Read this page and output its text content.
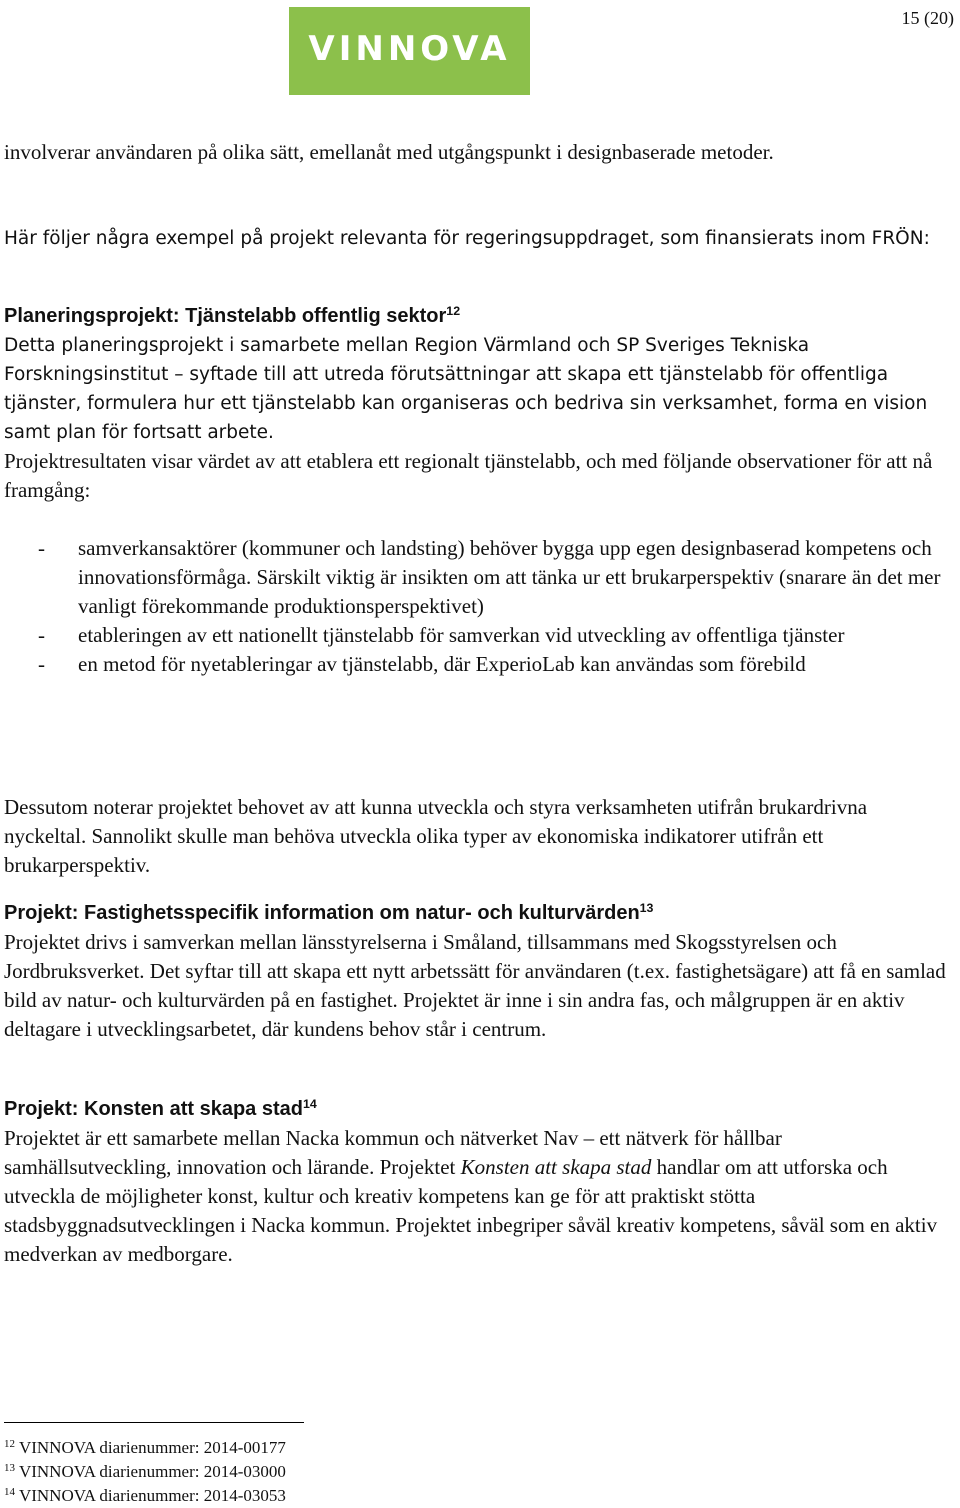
VINNOVA
15 (20)

involverar användaren på olika sätt, emellanåt med utgångspunkt i designbaserade metoder.

Här följer några exempel på projekt relevanta för regeringsuppdraget, som finansierats inom FRÖN:

Planeringsprojekt: Tjänstelabb offentlig sektor$^{12}$

Detta planeringsprojekt i samarbete mellan Region Värmland och SP Sveriges Tekniska Forskningsinstitut – syftade till att utreda förutsättningar att skapa ett tjänstelabb för offentliga tjänster, formulera hur ett tjänstelabb kan organiseras och bedriva sin verksamhet, forma en vision samt plan för fortsatt arbete.

Projektresultaten visar värdet av att etablera ett regionalt tjänstelabb, och med följande observationer för att nå framgång:

- samverkansaktörer (kommuner och landsting) behöver bygga upp egen designbaserad kompetens och innovationsförmåga. Särskilt viktig är insikten om att tänka ur ett brukarperspektiv (snarare än det mer vanligt förekommande produktionsperspektivet)
- etableringen av ett nationellt tjänstelabb för samverkan vid utveckling av offentliga tjänster
- en metod för nyetableringar av tjänstelabb, där ExperioLab kan användas som förebild

Dessutom noterar projektet behovet av att kunna utveckla och styra verksamheten utifrån brukardrivna nyckeltal. Sannolikt skulle man behöva utveckla olika typer av ekonomiska indikatorer utifrån ett brukarperspektiv.

Projekt: Fastighetsspecifik information om natur- och kulturvärden$^{13}$

Projektet drivs i samverkan mellan länsstyrelserna i Småland, tillsammans med Skogsstyrelsen och Jordbruksverket. Det syftar till att skapa ett nytt arbetssätt för användaren (t.ex. fastighetsägare) att få en samlad bild av natur- och kulturvärden på en fastighet. Projektet är inne i sin andra fas, och målgruppen är en aktiv deltagare i utvecklingsarbetet, där kundens behov står i centrum.

Projekt: Konsten att skapa stad$^{14}$

Projektet är ett samarbete mellan Nacka kommun och nätverket Nav – ett nätverk för hållbar samhällsutveckling, innovation och lärande. Projektet Konsten att skapa stad handlar om att utforska och utveckla de möjligheter konst, kultur och kreativ kompetens kan ge för att praktiskt stötta stadsbyggnadsutvecklingen i Nacka kommun. Projektet inbegriper såväl kreativ kompetens, såväl som en aktiv medverkan av medborgare.

$^{12}$ VINNOVA diarienummer: 2014-00177
$^{13}$ VINNOVA diarienummer: 2014-03000
$^{14}$ VINNOVA diarienummer: 2014-03053
